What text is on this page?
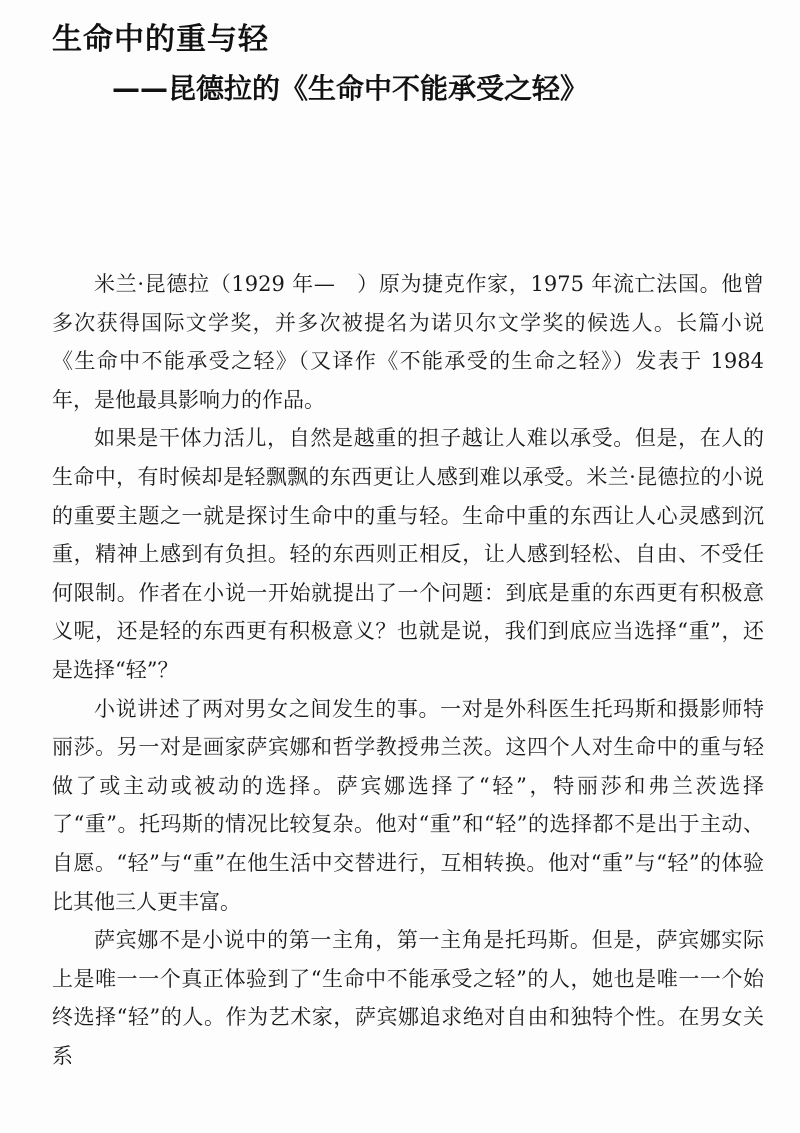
生命中的重与轻
——昆德拉的《生命中不能承受之轻》

米兰·昆德拉（1929 年—　）原为捷克作家，1975 年流亡法国。他曾多次获得国际文学奖，并多次被提名为诺贝尔文学奖的候选人。长篇小说《生命中不能承受之轻》（又译作《不能承受的生命之轻》）发表于 1984 年，是他最具影响力的作品。

如果是干体力活儿，自然是越重的担子越让人难以承受。但是，在人的生命中，有时候却是轻飘飘的东西更让人感到难以承受。米兰·昆德拉的小说的重要主题之一就是探讨生命中的重与轻。生命中重的东西让人心灵感到沉重，精神上感到有负担。轻的东西则正相反，让人感到轻松、自由、不受任何限制。作者在小说一开始就提出了一个问题：到底是重的东西更有积极意义呢，还是轻的东西更有积极意义？也就是说，我们到底应当选择“重”，还是选择“轻”？

小说讲述了两对男女之间发生的事。一对是外科医生托玛斯和摄影师特丽莎。另一对是画家萨宾娜和哲学教授弗兰茨。这四个人对生命中的重与轻做了或主动或被动的选择。萨宾娜选择了“轻”，特丽莎和弗兰茨选择了“重”。托玛斯的情况比较复杂。他对“重”和“轻”的选择都不是出于主动、自愿。“轻”与“重”在他生活中交替进行，互相转换。他对“重”与“轻”的体验比其他三人更丰富。

萨宾娜不是小说中的第一主角，第一主角是托玛斯。但是，萨宾娜实际上是唯一一个真正体验到了“生命中不能承受之轻”的人，她也是唯一一个始终选择“轻”的人。作为艺术家，萨宾娜追求绝对自由和独特个性。在男女关系
